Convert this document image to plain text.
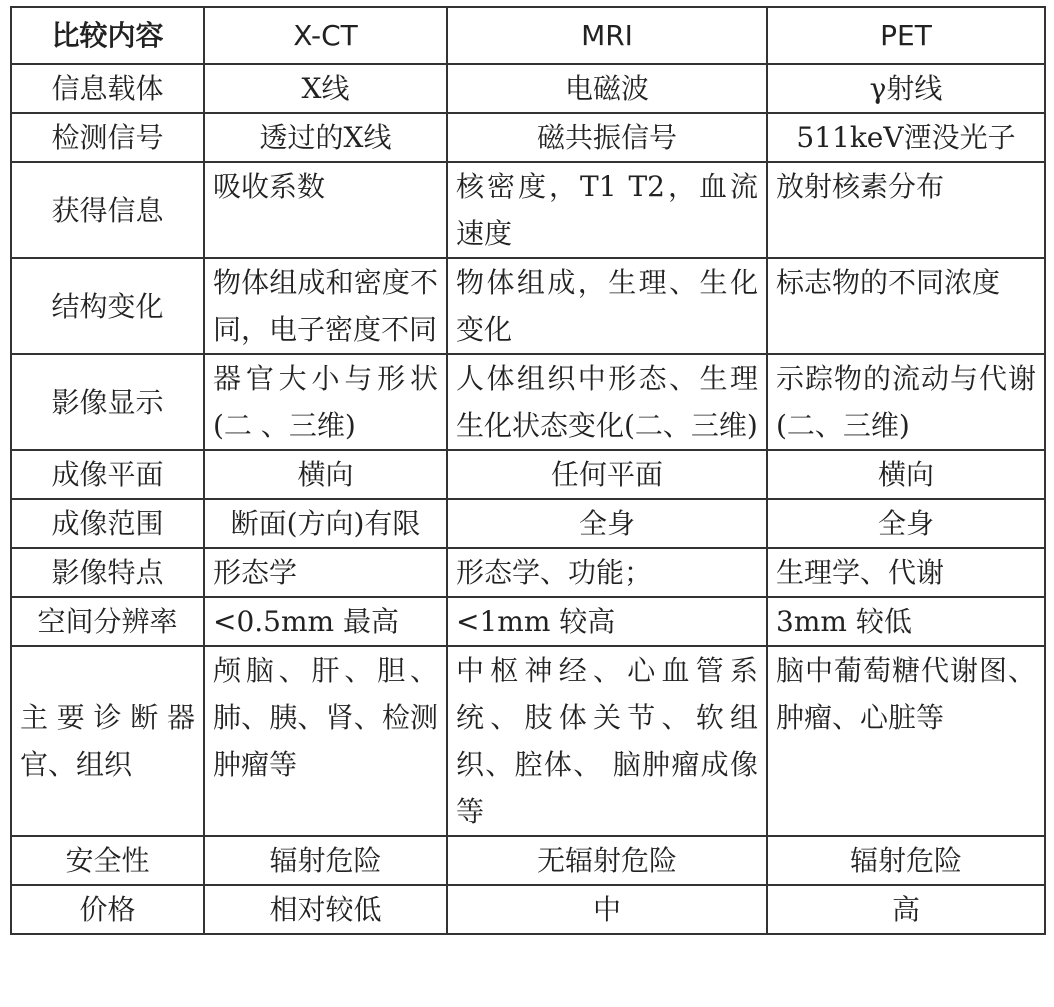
比较内容	X-CT	MRI	PET
信息载体	X线	电磁波	γ射线
检测信号	透过的X线	磁共振信号	511keV湮没光子
获得信息	吸收系数	核密度，T1 T2，血流速度	放射核素分布
结构变化	物体组成和密度不 同，电子密度不同	物体组成，生理、生化变化	标志物的不同浓度
影像显示	器官大小与形状(二 、三维)	人体组织中形态、生理生化状态变化(二、三维)	示踪物的流动与代谢 (二、三维)
成像平面	横向	任何平面	横向
成像范围	断面(方向)有限	全身	全身
影像特点	形态学	形态学、功能；	生理学、代谢
空间分辨率	<0.5mm 最高	<1mm 较高	3mm 较低
主要诊断器官、组织	颅脑、肝、胆、肺、胰、肾、检测肿瘤等	中枢神经、心血管系统、肢体关节、软组织、腔体、 脑肿瘤成像等	脑中葡萄糖代谢图、肿瘤、心脏等
安全性	辐射危险	无辐射危险	辐射危险
价格	相对较低	中	高
